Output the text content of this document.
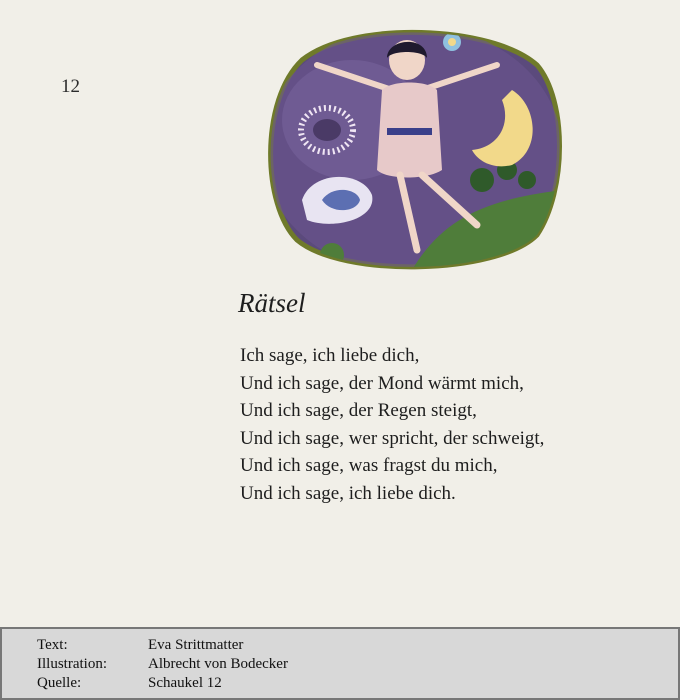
12
Rätsel
Ich sage, ich liebe dich,
Und ich sage, der Mond wärmt mich,
Und ich sage, der Regen steigt,
Und ich sage, wer spricht, der schweigt,
Und ich sage, was fragst du mich,
Und ich sage, ich liebe dich.
Text:	Eva Strittmatter
Illustration:	Albrecht von Bodecker
Quelle:	Schaukel 12
